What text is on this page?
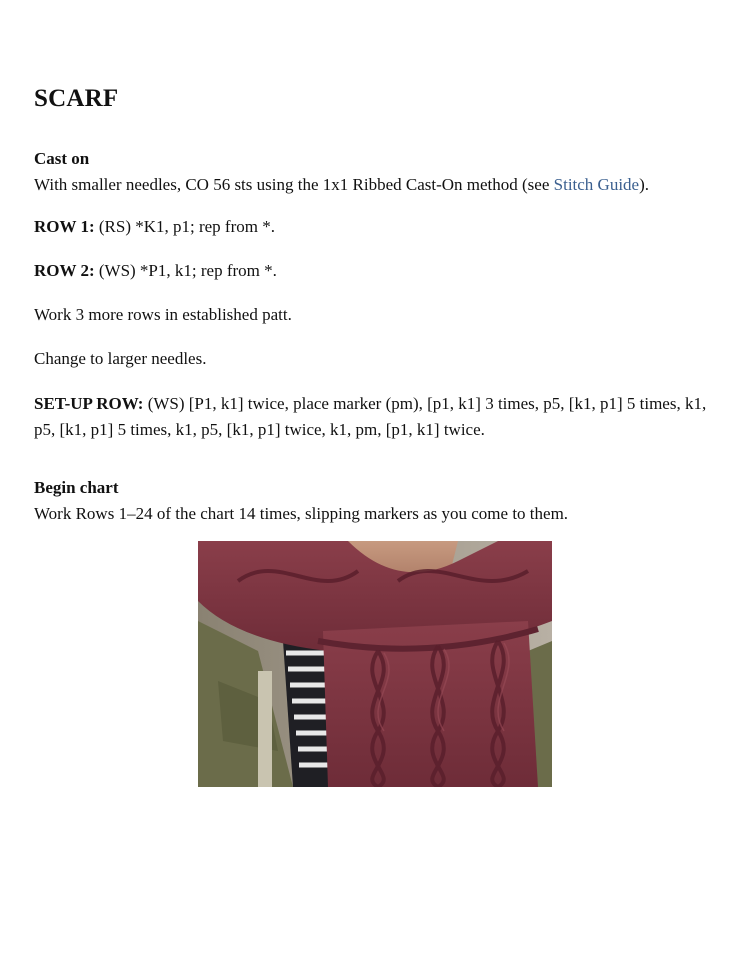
SCARF

Cast on
With smaller needles, CO 56 sts using the 1x1 Ribbed Cast-On method (see Stitch Guide).

ROW 1: (RS) *K1, p1; rep from *.

ROW 2: (WS) *P1, k1; rep from *.

Work 3 more rows in established patt.

Change to larger needles.

SET-UP ROW: (WS) [P1, k1] twice, place marker (pm), [p1, k1] 3 times, p5, [k1, p1] 5 times, k1, p5, [k1, p1] 5 times, k1, p5, [k1, p1] twice, k1, pm, [p1, k1] twice.

Begin chart
Work Rows 1–24 of the chart 14 times, slipping markers as you come to them.
